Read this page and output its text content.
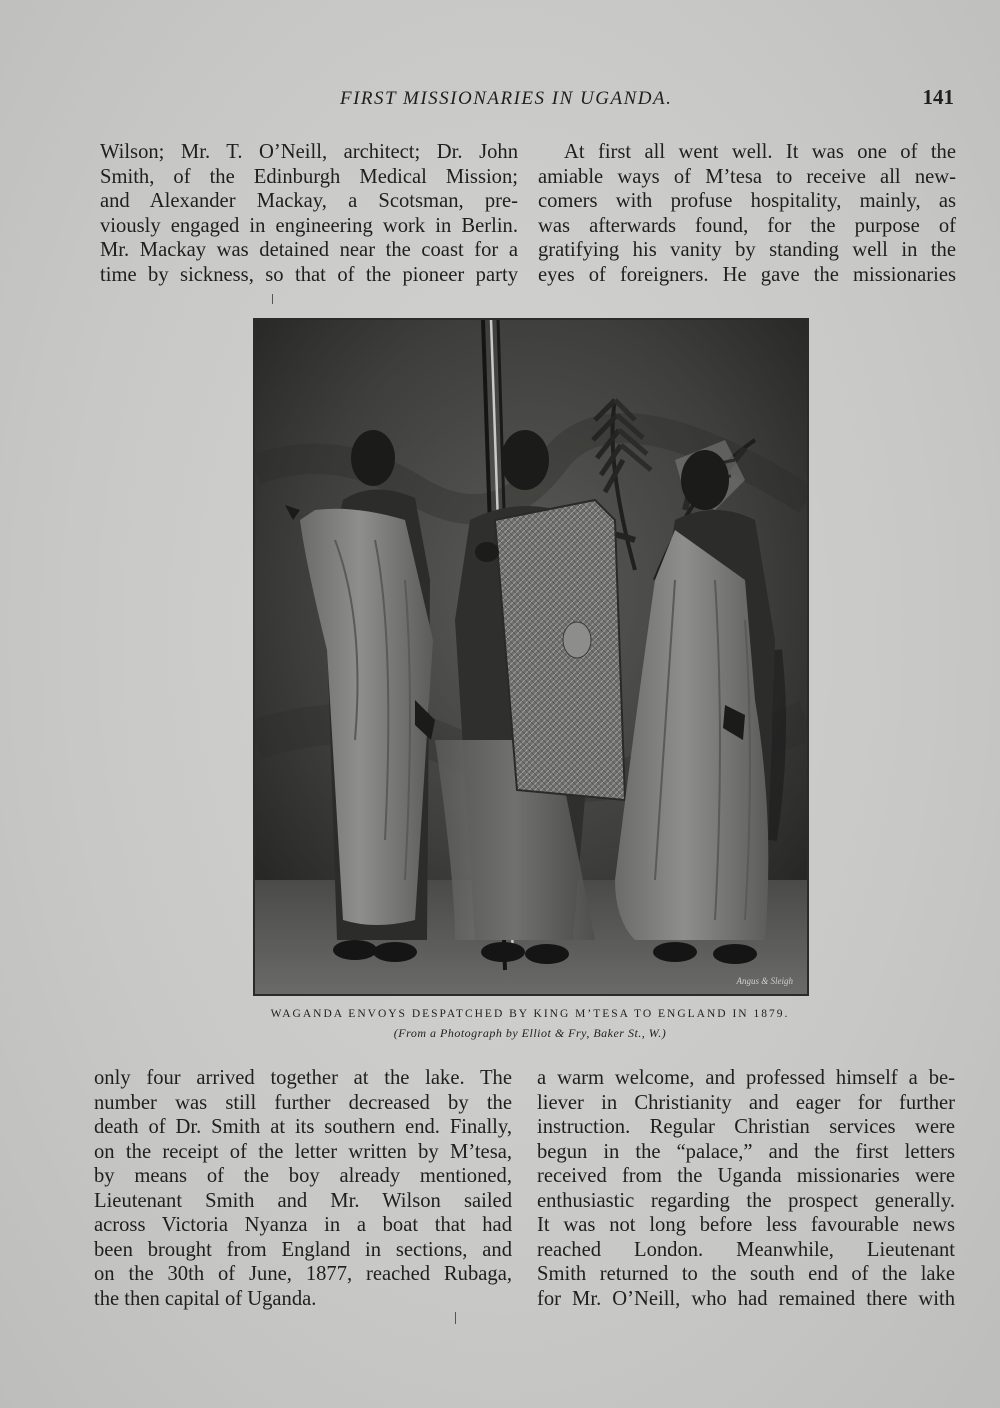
FIRST MISSIONARIES IN UGANDA.	141
Wilson; Mr. T. O’Neill, architect; Dr. John
Smith, of the Edinburgh Medical Mission;
and Alexander Mackay, a Scotsman, pre-
viously engaged in engineering work in Berlin.
Mr. Mackay was detained near the coast for a
time by sickness, so that of the pioneer party
At first all went well. It was one of the
amiable ways of M’tesa to receive all new-
comers with profuse hospitality, mainly, as
was afterwards found, for the purpose of
gratifying his vanity by standing well in the
eyes of foreigners. He gave the missionaries
Angus & Sleigh
WAGANDA ENVOYS DESPATCHED BY KING M’TESA TO ENGLAND IN 1879.
(From a Photograph by Elliot & Fry, Baker St., W.)
only four arrived together at the lake. The
number was still further decreased by the
death of Dr. Smith at its southern end. Finally,
on the receipt of the letter written by M’tesa,
by means of the boy already mentioned,
Lieutenant Smith and Mr. Wilson sailed
across Victoria Nyanza in a boat that had
been brought from England in sections, and
on the 30th of June, 1877, reached Rubaga,
the then capital of Uganda.
a warm welcome, and professed himself a be-
liever in Christianity and eager for further
instruction. Regular Christian services were
begun in the “palace,” and the first letters
received from the Uganda missionaries were
enthusiastic regarding the prospect generally.
It was not long before less favourable news
reached London. Meanwhile, Lieutenant
Smith returned to the south end of the lake
for Mr. O’Neill, who had remained there with
